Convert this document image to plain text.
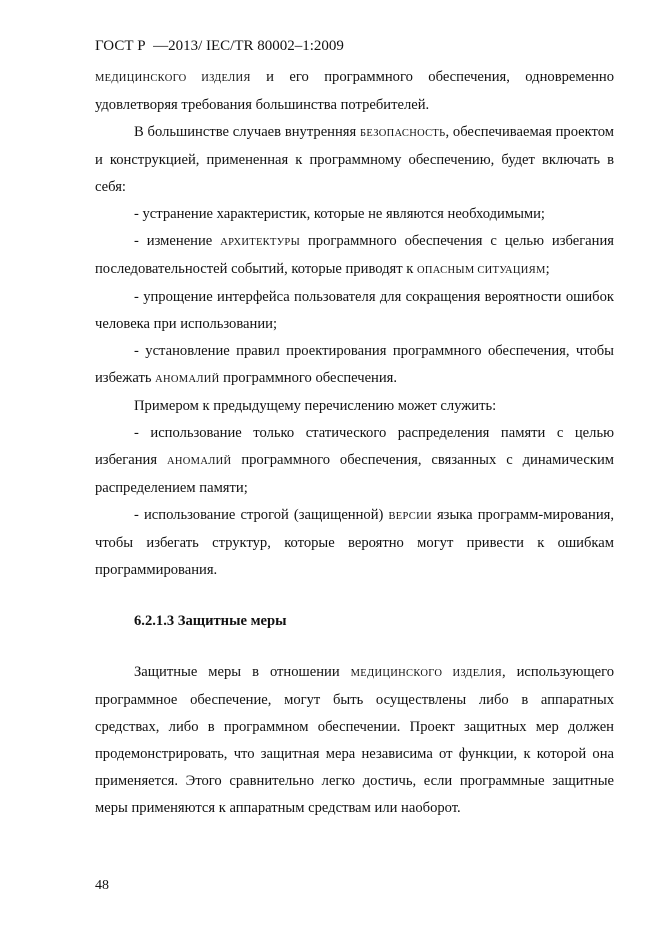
ГОСТ Р  —2013/ IEC/TR 80002–1:2009

МЕДИЦИНСКОГО ИЗДЕЛИЯ и его программного обеспечения, одновременно удовлетворяя требования большинства потребителей.

В большинстве случаев внутренняя БЕЗОПАСНОСТЬ, обеспечиваемая проектом и конструкцией, примененная к программному обеспечению, будет включать в себя:

- устранение характеристик, которые не являются необходимыми;

- изменение АРХИТЕКТУРЫ программного обеспечения с целью избегания последовательностей событий, которые приводят к ОПАСНЫМ СИТУАЦИЯМ;

- упрощение интерфейса пользователя для сокращения вероятности ошибок человека при использовании;

- установление правил проектирования программного обеспечения, чтобы избежать АНОМАЛИЙ программного обеспечения.

Примером к предыдущему перечислению может служить:

- использование только статического распределения памяти с целью избегания АНОМАЛИЙ программного обеспечения, связанных с динамическим распределением памяти;

- использование строгой (защищенной) ВЕРСИИ языка программ-мирования, чтобы избегать структур, которые вероятно могут привести к ошибкам программирования.

6.2.1.3 Защитные меры

Защитные меры в отношении МЕДИЦИНСКОГО ИЗДЕЛИЯ, использующего программное обеспечение, могут быть осуществлены либо в аппаратных средствах, либо в программном обеспечении. Проект защитных мер должен продемонстрировать, что защитная мера независима от функции, к которой она применяется. Этого сравнительно легко достичь, если программные защитные меры применяются к аппаратным средствам или наоборот.

48
